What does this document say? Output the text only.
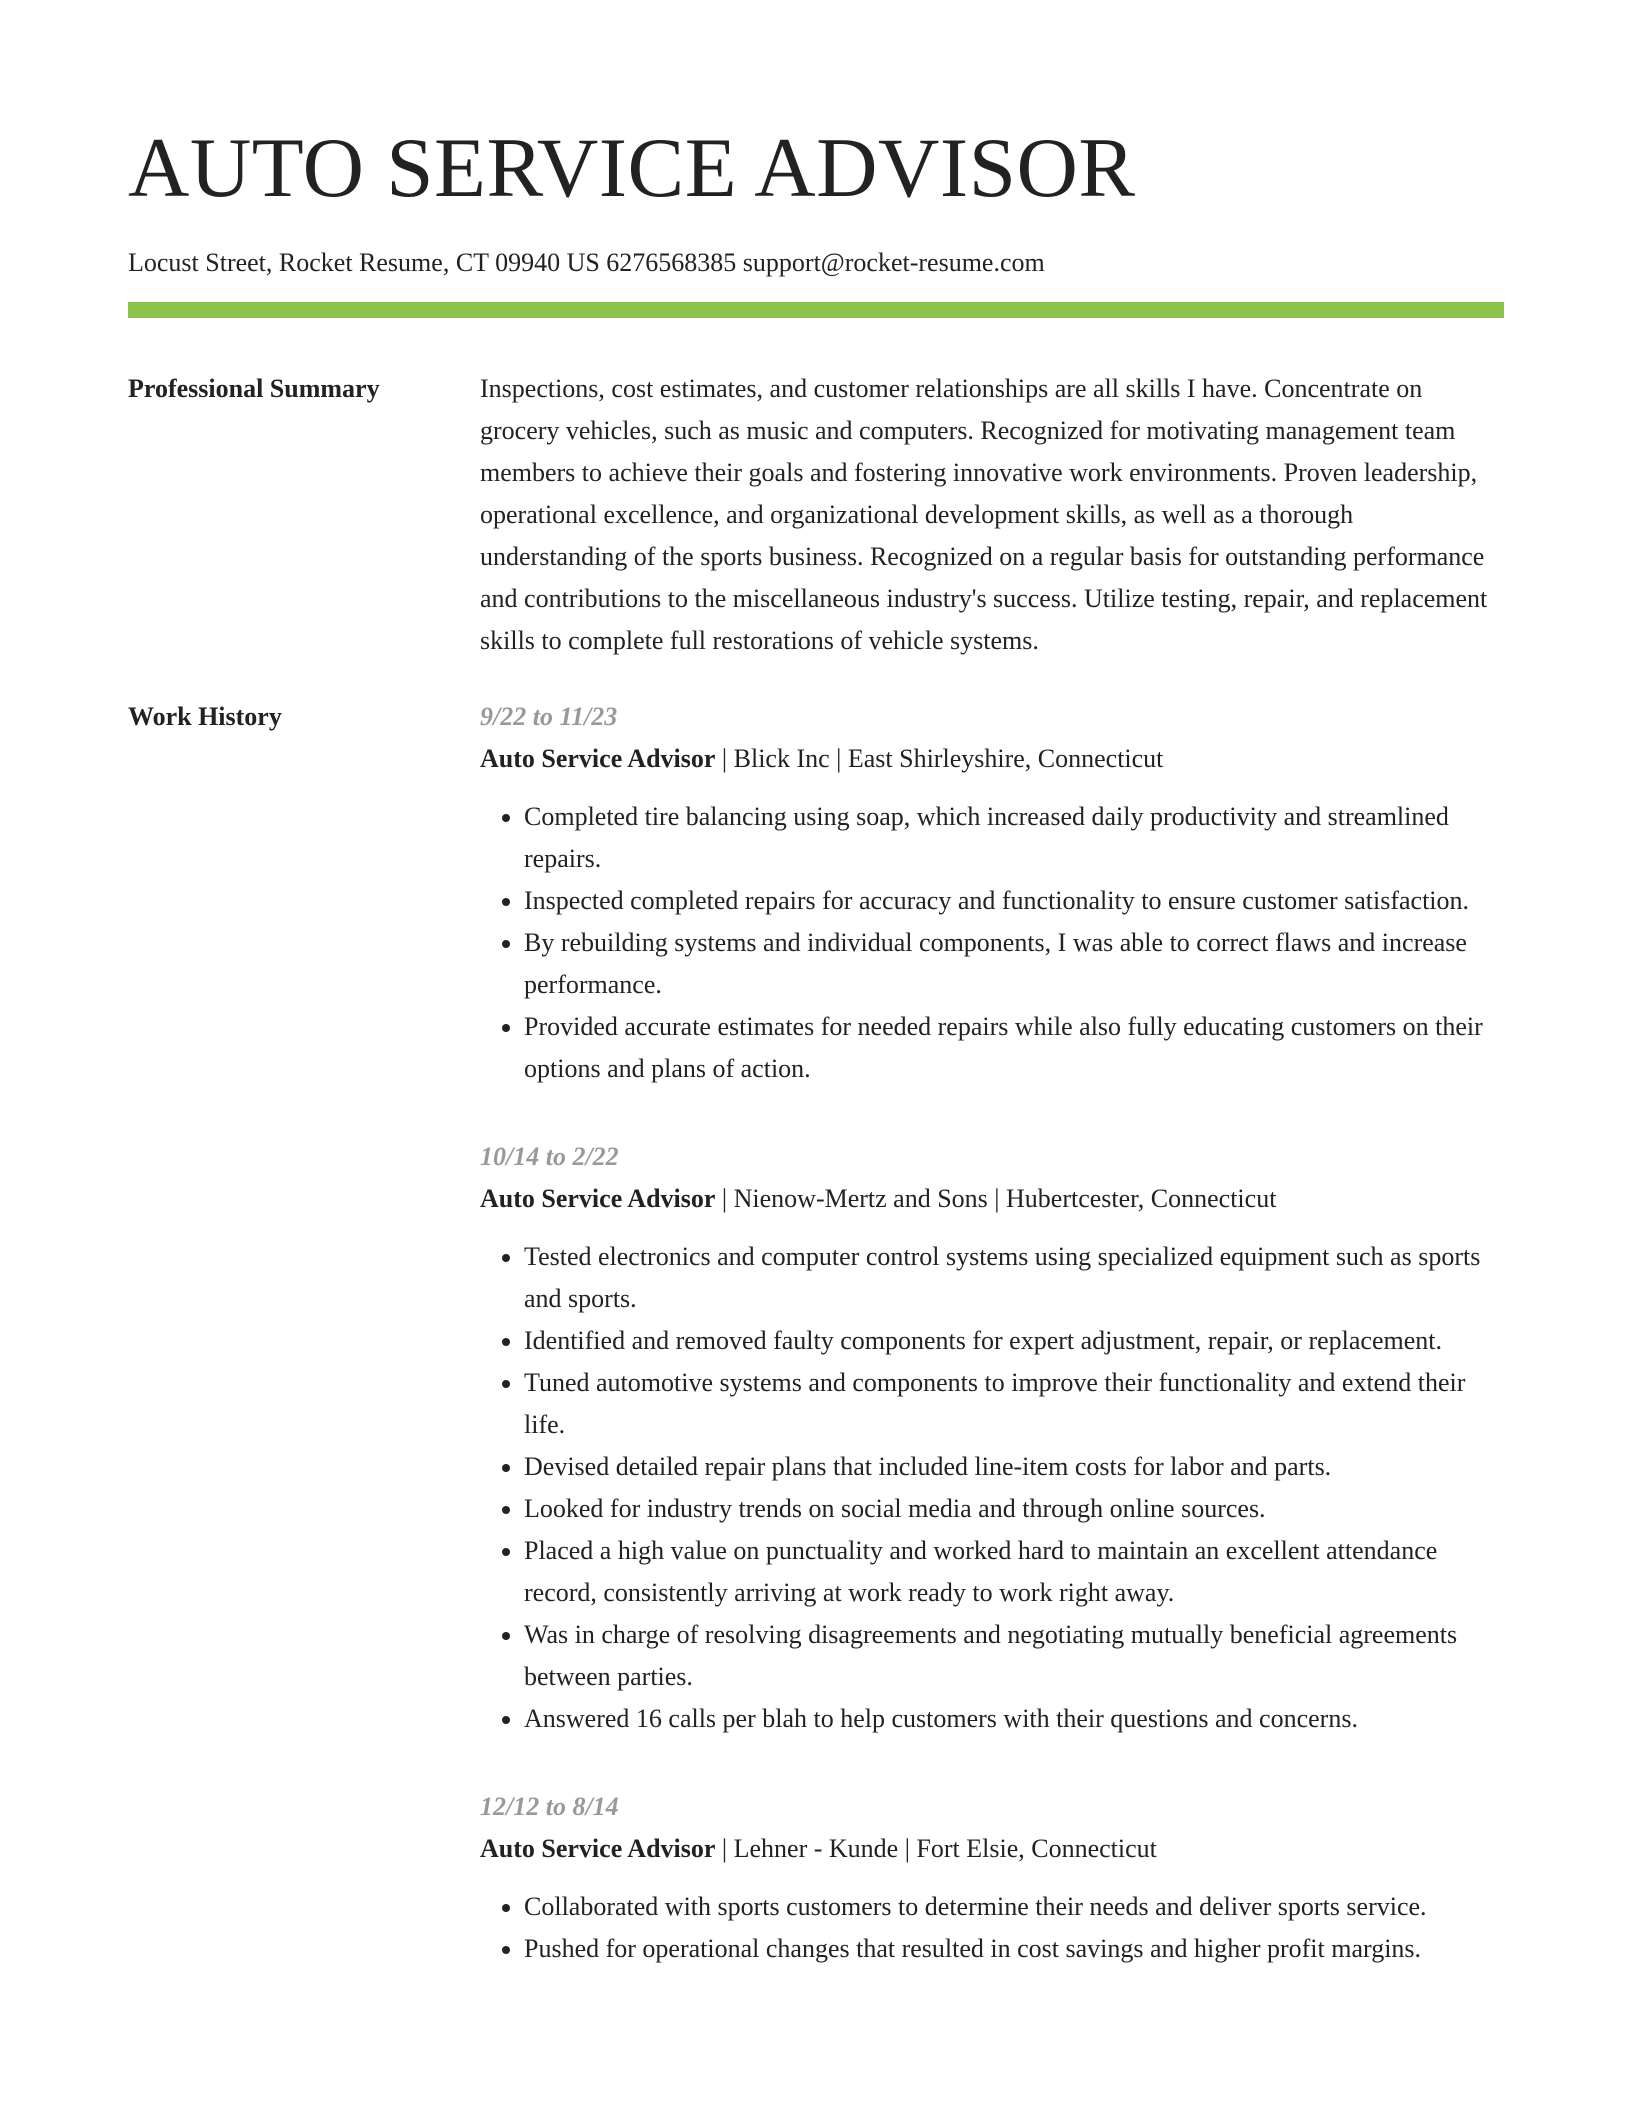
AUTO SERVICE ADVISOR
Locust Street, Rocket Resume, CT 09940 US 6276568385 support@rocket-resume.com
Professional Summary	Inspections, cost estimates, and customer relationships are all skills I have. Concentrate on grocery vehicles, such as music and computers. Recognized for motivating management team members to achieve their goals and fostering innovative work environments. Proven leadership, operational excellence, and organizational development skills, as well as a thorough understanding of the sports business. Recognized on a regular basis for outstanding performance and contributions to the miscellaneous industry's success. Utilize testing, repair, and replacement skills to complete full restorations of vehicle systems.

Work History	9/22 to 11/23
Auto Service Advisor | Blick Inc | East Shirleyshire, Connecticut
• Completed tire balancing using soap, which increased daily productivity and streamlined repairs.
• Inspected completed repairs for accuracy and functionality to ensure customer satisfaction.
• By rebuilding systems and individual components, I was able to correct flaws and increase performance.
• Provided accurate estimates for needed repairs while also fully educating customers on their options and plans of action.
10/14 to 2/22
Auto Service Advisor | Nienow-Mertz and Sons | Hubertcester, Connecticut
• Tested electronics and computer control systems using specialized equipment such as sports and sports.
• Identified and removed faulty components for expert adjustment, repair, or replacement.
• Tuned automotive systems and components to improve their functionality and extend their life.
• Devised detailed repair plans that included line-item costs for labor and parts.
• Looked for industry trends on social media and through online sources.
• Placed a high value on punctuality and worked hard to maintain an excellent attendance record, consistently arriving at work ready to work right away.
• Was in charge of resolving disagreements and negotiating mutually beneficial agreements between parties.
• Answered 16 calls per blah to help customers with their questions and concerns.
12/12 to 8/14
Auto Service Advisor | Lehner - Kunde | Fort Elsie, Connecticut
• Collaborated with sports customers to determine their needs and deliver sports service.
• Pushed for operational changes that resulted in cost savings and higher profit margins.
